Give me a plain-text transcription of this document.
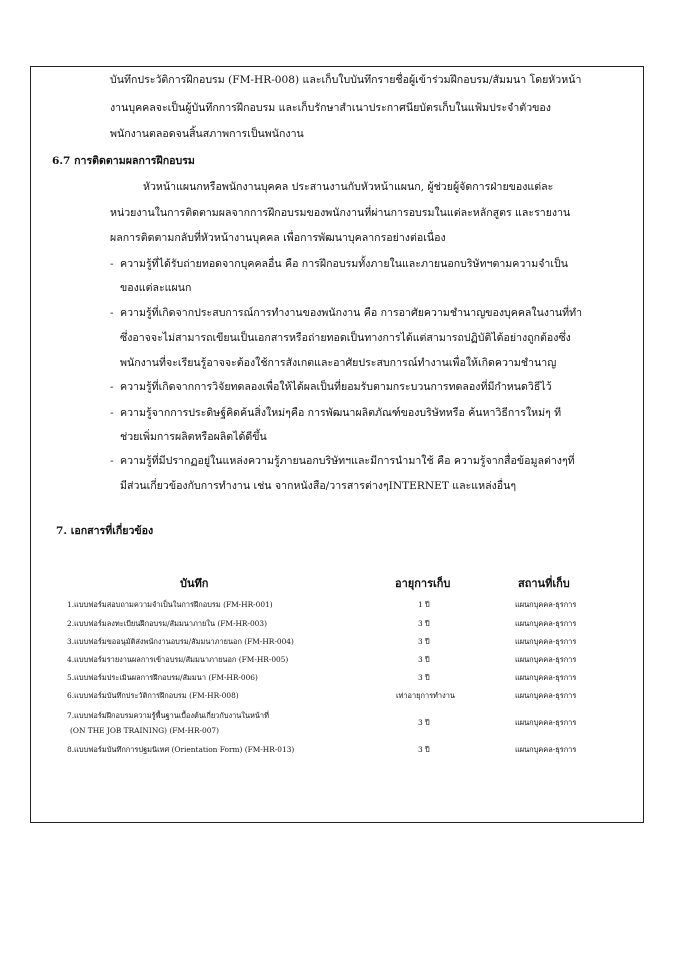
บันทึกประวัติการฝึกอบรม (FM-HR-008) และเก็บใบบันทึกรายชื่อผู้เข้าร่วมฝึกอบรม/สัมมนา โดยหัวหน้า
งานบุคคลจะเป็นผู้บันทึกการฝึกอบรม และเก็บรักษาสำเนาประกาศนียบัตรเก็บในแฟ้มประจำตัวของ
พนักงานตลอดจนสิ้นสภาพการเป็นพนักงาน
6.7 การติดตามผลการฝึกอบรม
หัวหน้าแผนกหรือพนักงานบุคคล ประสานงานกับหัวหน้าแผนก, ผู้ช่วยผู้จัดการฝ่ายของแต่ละ
หน่วยงานในการติดตามผลจากการฝึกอบรมของพนักงานที่ผ่านการอบรมในแต่ละหลักสูตร และรายงาน
ผลการติดตามกลับที่หัวหน้างานบุคคล เพื่อการพัฒนาบุคลากรอย่างต่อเนื่อง
- ความรู้ที่ได้รับถ่ายทอดจากบุคคลอื่น คือ การฝึกอบรมทั้งภายในและภายนอกบริษัทฯตามความจำเป็น
ของแต่ละแผนก
- ความรู้ที่เกิดจากประสบการณ์การทำงานของพนักงาน คือ การอาศัยความชำนาญของบุคคลในงานที่ทำ
ซึ่งอาจจะไม่สามารถเขียนเป็นเอกสารหรือถ่ายทอดเป็นทางการได้แต่สามารถปฏิบัติได้อย่างถูกต้องซึ่ง
พนักงานที่จะเรียนรู้อาจจะต้องใช้การสังเกตและอาศัยประสบการณ์ทำงานเพื่อให้เกิดความชำนาญ
- ความรู้ที่เกิดจากการวิจัยทดลองเพื่อให้ได้ผลเป็นที่ยอมรับตามกระบวนการทดลองที่มีกำหนดวิธีไว้
- ความรู้จากการประดิษฐ์คิดค้นสิ่งใหม่ๆคือ การพัฒนาผลิตภัณฑ์ของบริษัทหรือ ค้นหาวิธีการใหม่ๆ ที
ช่วยเพิ่มการผลิตหรือผลิตได้ดีขึ้น
- ความรู้ที่มีปรากฏอยู่ในแหล่งความรู้ภายนอกบริษัทฯและมีการนำมาใช้ คือ ความรู้จากสื่อข้อมูลต่างๆที่
มีส่วนเกี่ยวข้องกับการทำงาน เช่น จากหนังสือ/วารสารต่างๆINTERNET และแหล่งอื่นๆ
7. เอกสารที่เกี่ยวข้อง
บันทึก	อายุการเก็บ	สถานที่เก็บ
1.แบบฟอร์มสอบถามความจำเป็นในการฝึกอบรม (FM-HR-001)	1 ปี	แผนกบุคคล-ธุรการ
2.แบบฟอร์มลงทะเบียนฝึกอบรม/สัมมนาภายใน (FM-HR-003)	3 ปี	แผนกบุคคล-ธุรการ
3.แบบฟอร์มขออนุมัติส่งพนักงานอบรม/สัมมนาภายนอก (FM-HR-004)	3 ปี	แผนกบุคคล-ธุรการ
4.แบบฟอร์มรายงานผลการเข้าอบรม/สัมมนาภายนอก (FM-HR-005)	3 ปี	แผนกบุคคล-ธุรการ
5.แบบฟอร์มประเมินผลการฝึกอบรม/สัมมนา (FM-HR-006)	3 ปี	แผนกบุคคล-ธุรการ
6.แบบฟอร์มบันทึกประวัติการฝึกอบรม (FM-HR-008)	เท่าอายุการทำงาน	แผนกบุคคล-ธุรการ
7.แบบฟอร์มฝึกอบรมความรู้พื้นฐานเบื้องต้นเกี่ยวกับงานในหน้าที่
(ON THE JOB TRAINING) (FM-HR-007)
3 ปี	แผนกบุคคล-ธุรการ
8.แบบฟอร์มบันทึกการปฐมนิเทศ (Orientation Form) (FM-HR-013)	3 ปี	แผนกบุคคล-ธุรการ
